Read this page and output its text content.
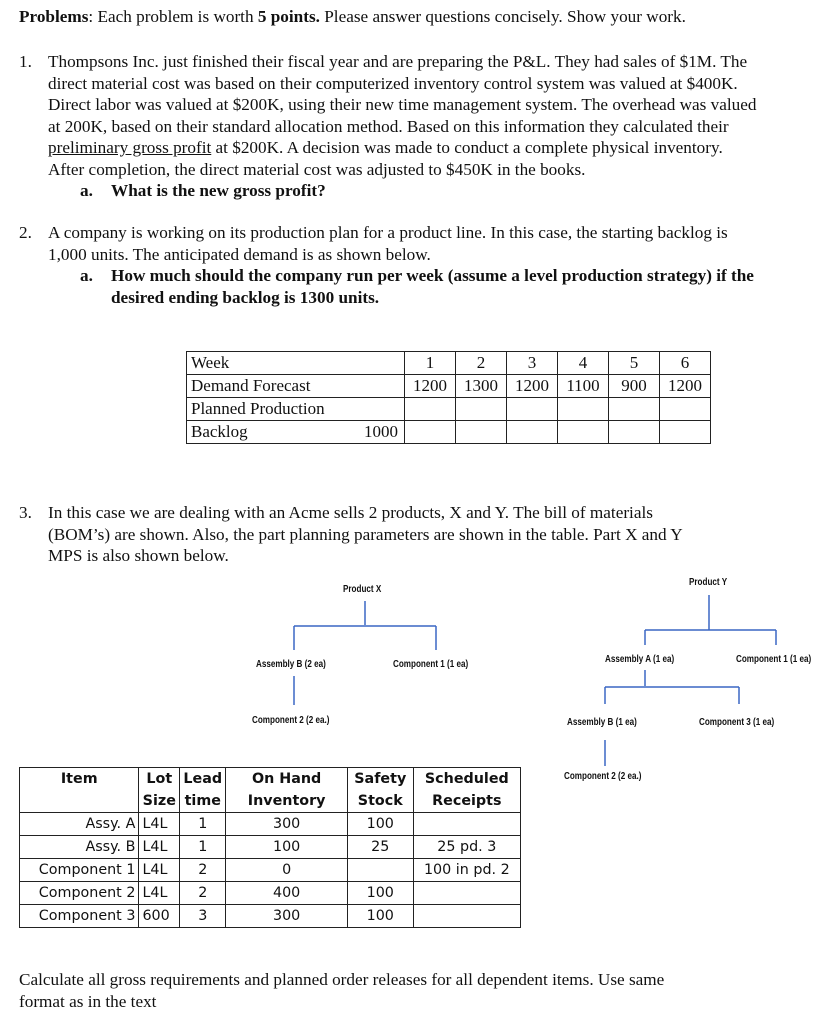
Problems: Each problem is worth 5 points. Please answer questions concisely. Show your work.

1. Thompsons Inc. just finished their fiscal year and are preparing the P&L. They had sales of $1M. The

direct material cost was based on their computerized inventory control system was valued at $400K.

Direct labor was valued at $200K, using their new time management system. The overhead was valued

at 200K, based on their standard allocation method. Based on this information they calculated their

preliminary gross profit at $200K. A decision was made to conduct a complete physical inventory.

After completion, the direct material cost was adjusted to $450K in the books.

a. What is the new gross profit?
2. A company is working on its production plan for a product line. In this case, the starting backlog is

1,000 units. The anticipated demand is as shown below.

a. How much should the company run per week (assume a level production strategy) if the

desired ending backlog is 1300 units.

Week	1	2	3	4	5	6
Demand Forecast	1200	1300	1200	1100	900	1200
Planned Production						
Backlog 1000						

3. In this case we are dealing with an Acme sells 2 products, X and Y. The bill of materials

(BOM’s) are shown. Also, the part planning parameters are shown in the table. Part X and Y

MPS is also shown below.

Product X
Assembly B (2 ea)	Component 1 (1 ea)
Component 2 (2 ea.)
Product Y
Assembly A (1 ea)	Component 1 (1 ea)
Assembly B (1 ea)	Component 3 (1 ea)
Component 2 (2 ea.)
Item	Lot	Lead	On Hand	Safety	Scheduled
	Size	time	Inventory	Stock	Receipts
Assy. A	L4L	1	300	100	
Assy. B	L4L	1	100	25	25 pd. 3
Component 1	L4L	2	0		100 in pd. 2
Component 2	L4L	2	400	100	
Component 3	600	3	300	100	

Calculate all gross requirements and planned order releases for all dependent items. Use same

format as in the text
